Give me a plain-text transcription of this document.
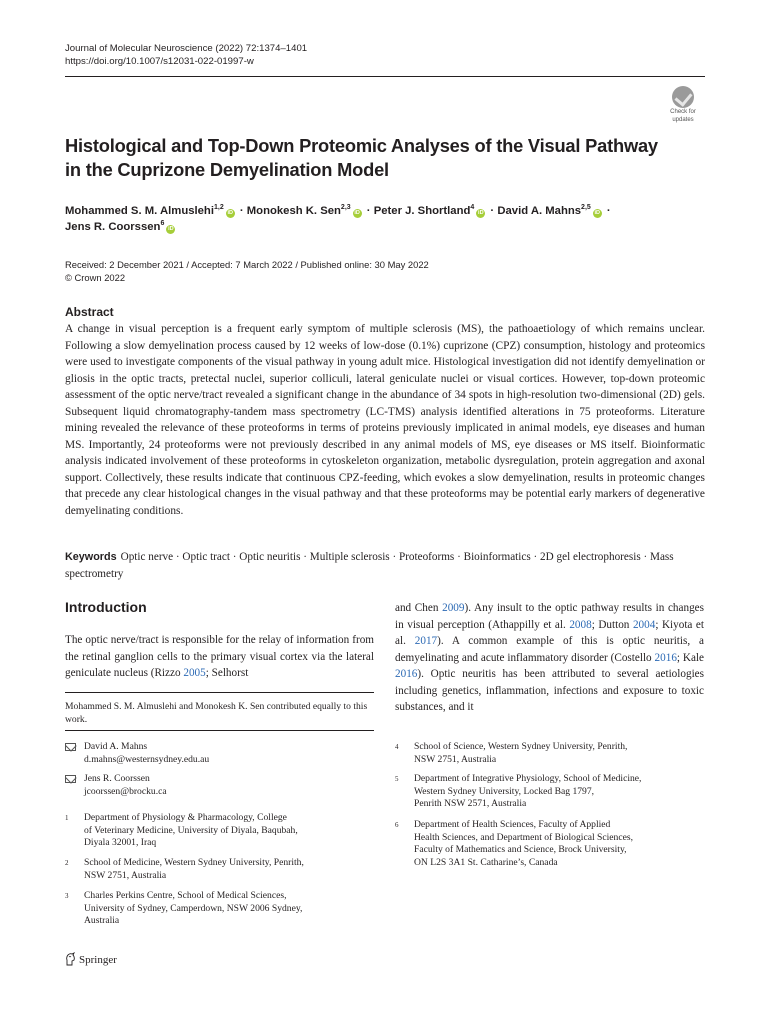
Journal of Molecular Neuroscience (2022) 72:1374–1401
https://doi.org/10.1007/s12031-022-01997-w
Check for
updates
Histological and Top-Down Proteomic Analyses of the Visual Pathway
in the Cuprizone Demyelination Model
Mohammed S. M. Almuslehi$^{1,2}$iD · Monokesh K. Sen$^{2,3}$iD · Peter J. Shortland$^4$iD · David A. Mahns$^{2,5}$iD ·
Jens R. Coorssen$^6$iD
Received: 2 December 2021 / Accepted: 7 March 2022 / Published online: 30 May 2022
© Crown 2022
Abstract
A change in visual perception is a frequent early symptom of multiple sclerosis (MS), the pathoaetiology of which remains unclear. Following a slow demyelination process caused by 12 weeks of low-dose (0.1%) cuprizone (CPZ) consumption, histology and proteomics were used to investigate components of the visual pathway in young adult mice. Histological investigation did not identify demyelination or gliosis in the optic tracts, pretectal nuclei, superior colliculi, lateral geniculate nuclei or visual cortices. However, top-down proteomic assessment of the optic nerve/tract revealed a significant change in the abundance of 34 spots in high-resolution two-dimensional (2D) gels. Subsequent liquid chromatography-tandem mass spectrometry (LC-TMS) analysis identified alterations in 75 proteoforms. Literature mining revealed the relevance of these proteoforms in terms of proteins previously implicated in animal models, eye diseases and human MS. Importantly, 24 proteoforms were not previously described in any animal models of MS, eye diseases or MS itself. Bioinformatic analysis indicated involvement of these proteoforms in cytoskeleton organization, metabolic dysregulation, protein aggregation and axonal support. Collectively, these results indicate that continuous CPZ-feeding, which evokes a slow demyelination, results in proteomic changes that precede any clear histological changes in the visual pathway and that these proteoforms may be potential early markers of degenerative demyelinating conditions.
Keywords Optic nerve · Optic tract · Optic neuritis · Multiple sclerosis · Proteoforms · Bioinformatics · 2D gel electrophoresis · Mass spectrometry
Introduction
The optic nerve/tract is responsible for the relay of information from the retinal ganglion cells to the primary visual cortex via the lateral geniculate nucleus (Rizzo 2005; Selhorst
and Chen 2009). Any insult to the optic pathway results in changes in visual perception (Athappilly et al. 2008; Dutton 2004; Kiyota et al. 2017). A common example of this is optic neuritis, a demyelinating and acute inflammatory disorder (Costello 2016; Kale 2016). Optic neuritis has been attributed to several aetiologies including genetics, inflammation, infections and exposure to toxic substances, and it
Mohammed S. M. Almuslehi and Monokesh K. Sen contributed equally to this work.
David A. Mahns
d.mahns@westernsydney.edu.au
Jens R. Coorssen
jcoorssen@brocku.ca
1 Department of Physiology & Pharmacology, College
of Veterinary Medicine, University of Diyala, Baqubah,
Diyala 32001, Iraq
2 School of Medicine, Western Sydney University, Penrith,
NSW 2751, Australia
3 Charles Perkins Centre, School of Medical Sciences,
University of Sydney, Camperdown, NSW 2006 Sydney,
Australia
4 School of Science, Western Sydney University, Penrith,
NSW 2751, Australia
5 Department of Integrative Physiology, School of Medicine,
Western Sydney University, Locked Bag 1797,
Penrith NSW 2571, Australia
6 Department of Health Sciences, Faculty of Applied
Health Sciences, and Department of Biological Sciences,
Faculty of Mathematics and Science, Brock University,
ON L2S 3A1 St. Catharine’s, Canada
Springer
